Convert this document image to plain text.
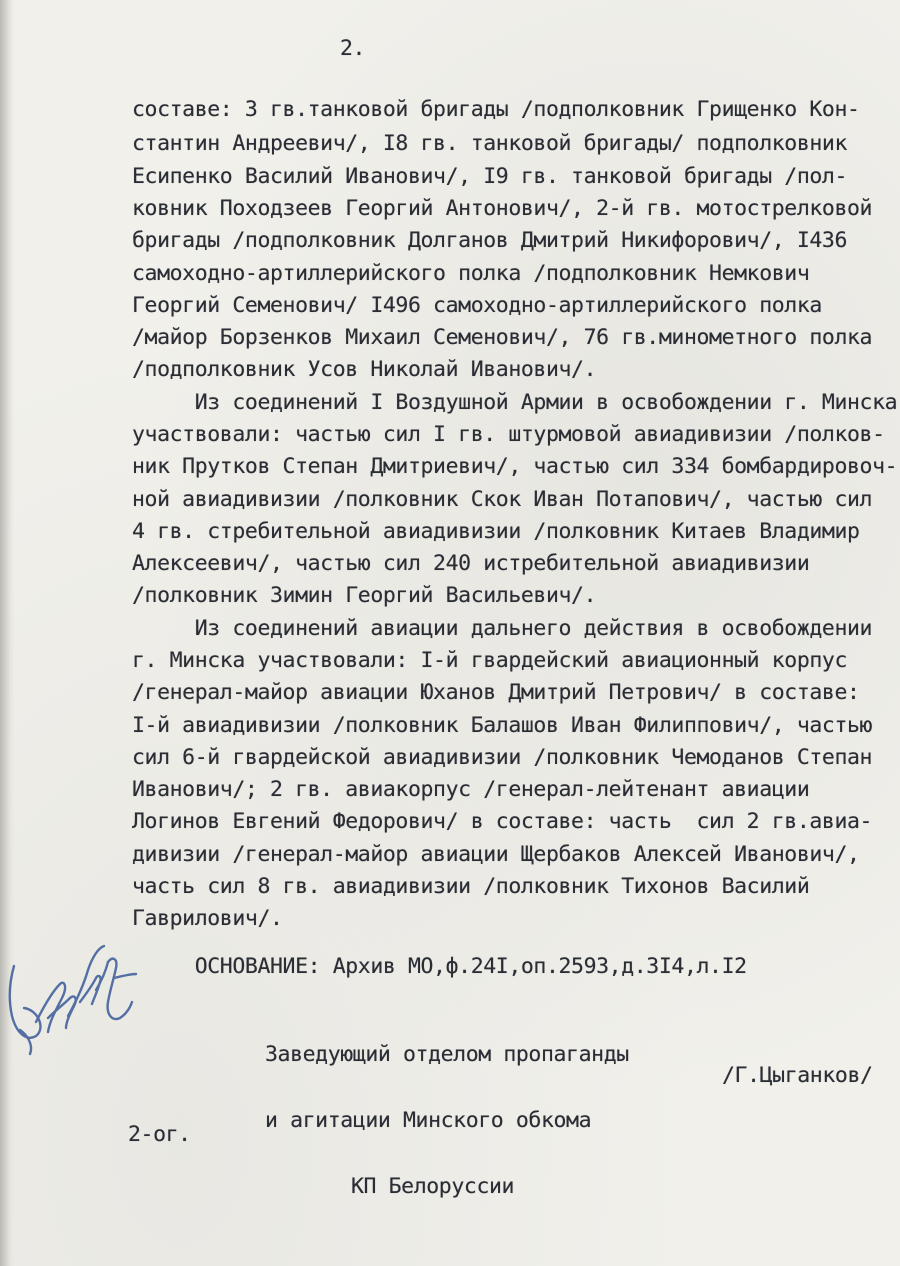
2.
составе: 3 гв.танковой бригады /подполковник Грищенко Кон-
стантин Андреевич/, I8 гв. танковой бригады/ подполковник
Есипенко Василий Иванович/, I9 гв. танковой бригады /пол-
ковник Походзеев Георгий Антонович/, 2-й гв. мотострелковой
бригады /подполковник Долганов Дмитрий Никифорович/, I436
самоходно-артиллерийского полка /подполковник Немкович
Георгий Семенович/ I496 самоходно-артиллерийского полка
/майор Борзенков Михаил Семенович/, 76 гв.минометного полка
/подполковник Усов Николай Иванович/.
Из соединений I Воздушной Армии в освобождении г. Минска
участвовали: частью сил I гв. штурмовой авиадивизии /полков-
ник Прутков Степан Дмитриевич/, частью сил 334 бомбардировоч-
ной авиадивизии /полковник Скок Иван Потапович/, частью сил
4 гв. стребительной авиадивизии /полковник Китаев Владимир
Алексеевич/, частью сил 240 истребительной авиадивизии
/полковник Зимин Георгий Васильевич/.
Из соединений авиации дальнего действия в освобождении
г. Минска участвовали: I-й гвардейский авиационный корпус
/генерал-майор авиации Юханов Дмитрий Петрович/ в составе:
I-й авиадивизии /полковник Балашов Иван Филиппович/, частью
сил 6-й гвардейской авиадивизии /полковник Чемоданов Степан
Иванович/; 2 гв. авиакорпус /генерал-лейтенант авиации
Логинов Евгений Федорович/ в составе: часть  сил 2 гв.авиа-
дивизии /генерал-майор авиации Щербаков Алексей Иванович/,
часть сил 8 гв. авиадивизии /полковник Тихонов Василий
Гаврилович/.
ОСНОВАНИЕ: Архив МО,ф.24I,оп.2593,д.3I4,л.I2

Заведующий отделом пропаганды

и агитации Минского обкома

КП Белоруссии

/Г.Цыганков/
2-ог.
